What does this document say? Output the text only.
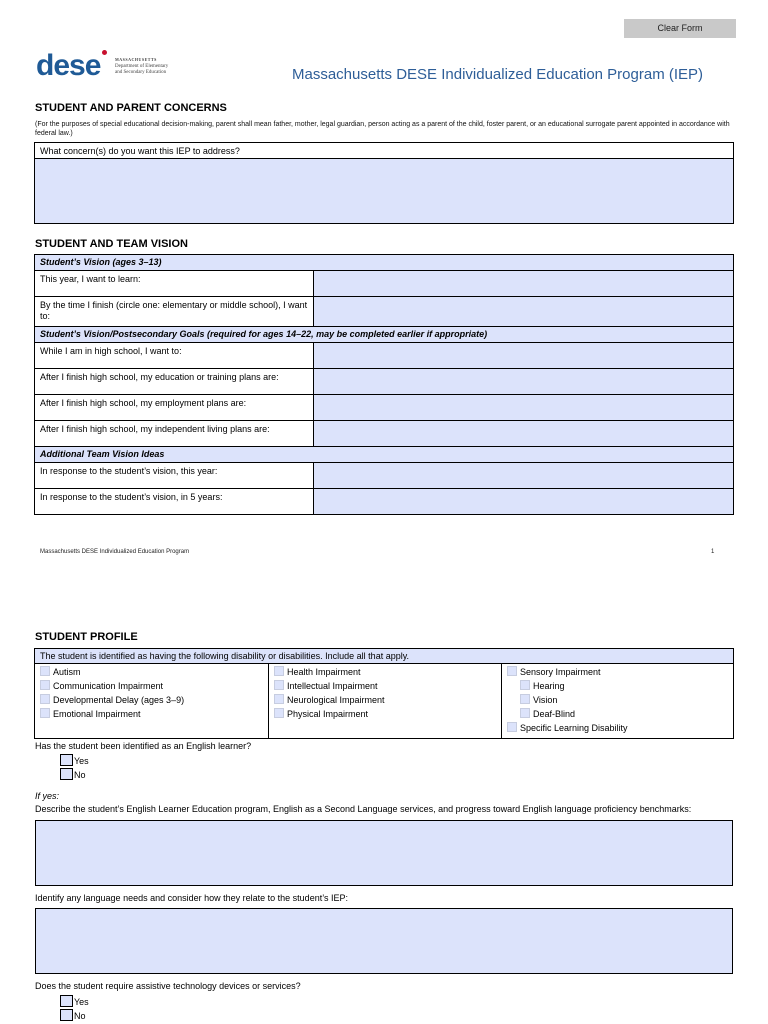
Clear Form
dese	MASSACHUSETTS
Department of Elementary
and Secondary Education	Massachusetts DESE Individualized Education Program (IEP)
STUDENT AND PARENT CONCERNS
(For the purposes of special educational decision-making, parent shall mean father, mother, legal guardian, person acting as a parent of the child, foster parent, or an educational surrogate parent appointed in accordance with federal law.)
What concern(s) do you want this IEP to address?
STUDENT AND TEAM VISION
Student’s Vision (ages 3–13)	
This year, I want to learn:	
By the time I finish (circle one: elementary or middle school), I want to:	
Student’s Vision/Postsecondary Goals (required for ages 14–22, may be completed earlier if appropriate)	
While I am in high school, I want to:	
After I finish high school, my education or training plans are:	
After I finish high school, my employment plans are:	
After I finish high school, my independent living plans are:	
Additional Team Vision Ideas	
In response to the student’s vision, this year:	
In response to the student’s vision, in 5 years:	
Massachusetts DESE Individualized Education Program	1
STUDENT PROFILE
The student is identified as having the following disability or disabilities. Include all that apply.
Autism
Communication Impairment
Developmental Delay (ages 3–9)
Emotional Impairment
Health Impairment
Intellectual Impairment
Neurological Impairment
Physical Impairment
Sensory Impairment
Hearing
Vision
Deaf-Blind
Specific Learning Disability
Has the student been identified as an English learner?
Yes
No
If yes:
Describe the student’s English Learner Education program, English as a Second Language services, and progress toward English language proficiency benchmarks:
Identify any language needs and consider how they relate to the student’s IEP:
Does the student require assistive technology devices or services?
Yes
No
